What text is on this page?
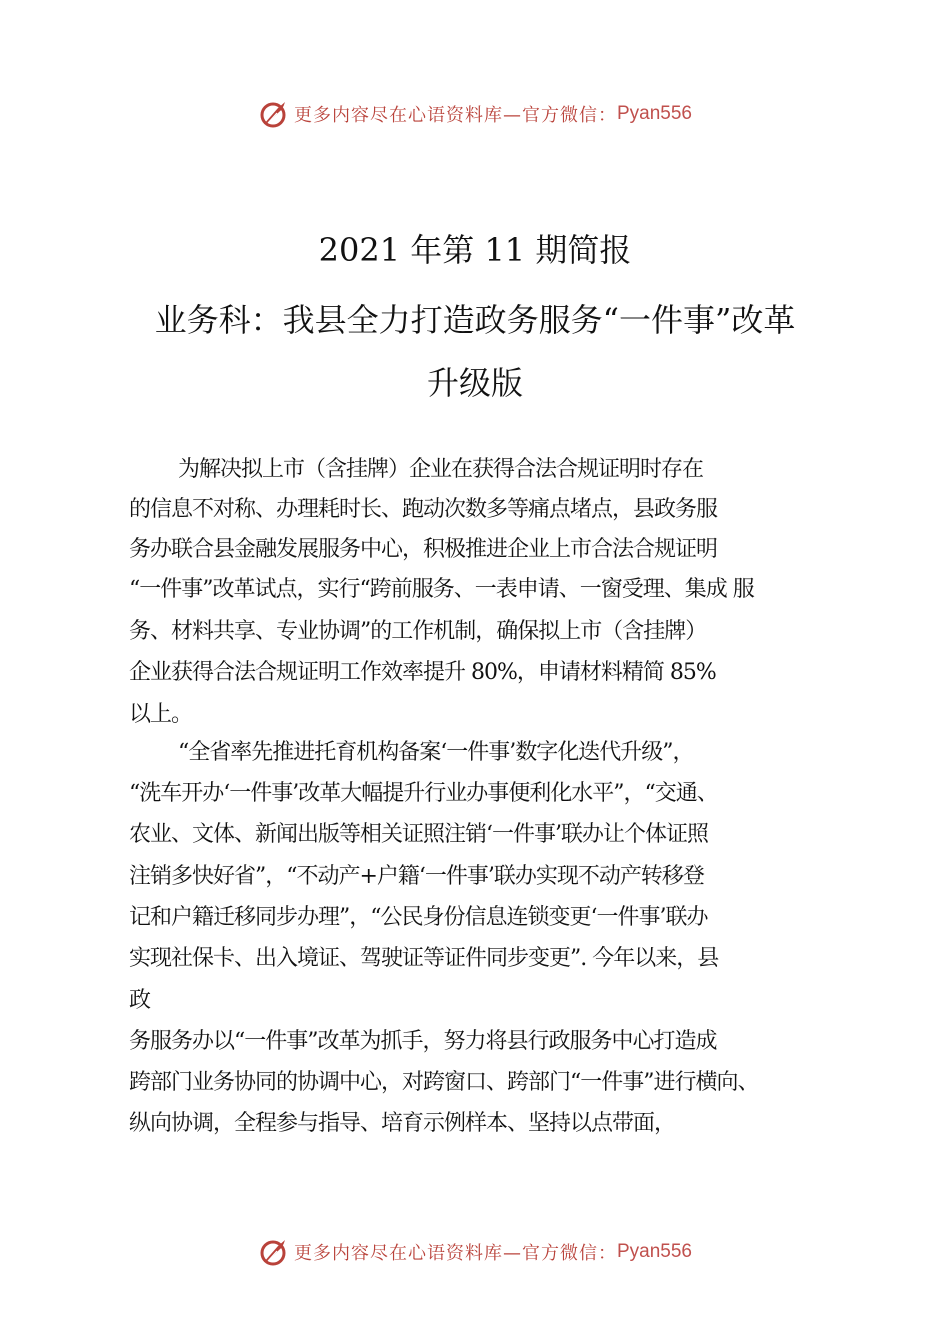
更多内容尽在心语资料库—官方微信： Pyan556
2021 年第 11 期简报
业务科：我县全力打造政务服务“一件事”改革
升级版
为解决拟上市（含挂牌）企业在获得合法合规证明时存在
的信息不对称、办理耗时长、跑动次数多等痛点堵点，县政务服
务办联合县金融发展服务中心，积极推进企业上市合法合规证明
“一件事”改革试点，实行“跨前服务、一表申请、一窗受理、集成 服
务、材料共享、专业协调”的工作机制，确保拟上市（含挂牌）
企业获得合法合规证明工作效率提升 80%，申请材料精简 85%
以上。
“全省率先推进托育机构备案‘一件事’数字化迭代升级”，
“洗车开办‘一件事’改革大幅提升行业办事便利化水平”，“交通、
农业、文体、新闻出版等相关证照注销‘一件事’联办让个体证照
注销多快好省”，“不动产+户籍‘一件事’联办实现不动产转移登
记和户籍迁移同步办理”，“公民身份信息连锁变更‘一件事’联办
实现社保卡、出入境证、驾驶证等证件同步变更”. 今年以来，县
政
务服务办以“一件事”改革为抓手，努力将县行政服务中心打造成
跨部门业务协同的协调中心，对跨窗口、跨部门“一件事”进行横向、
纵向协调，全程参与指导、培育示例样本、坚持以点带面，
更多内容尽在心语资料库—官方微信： Pyan556
